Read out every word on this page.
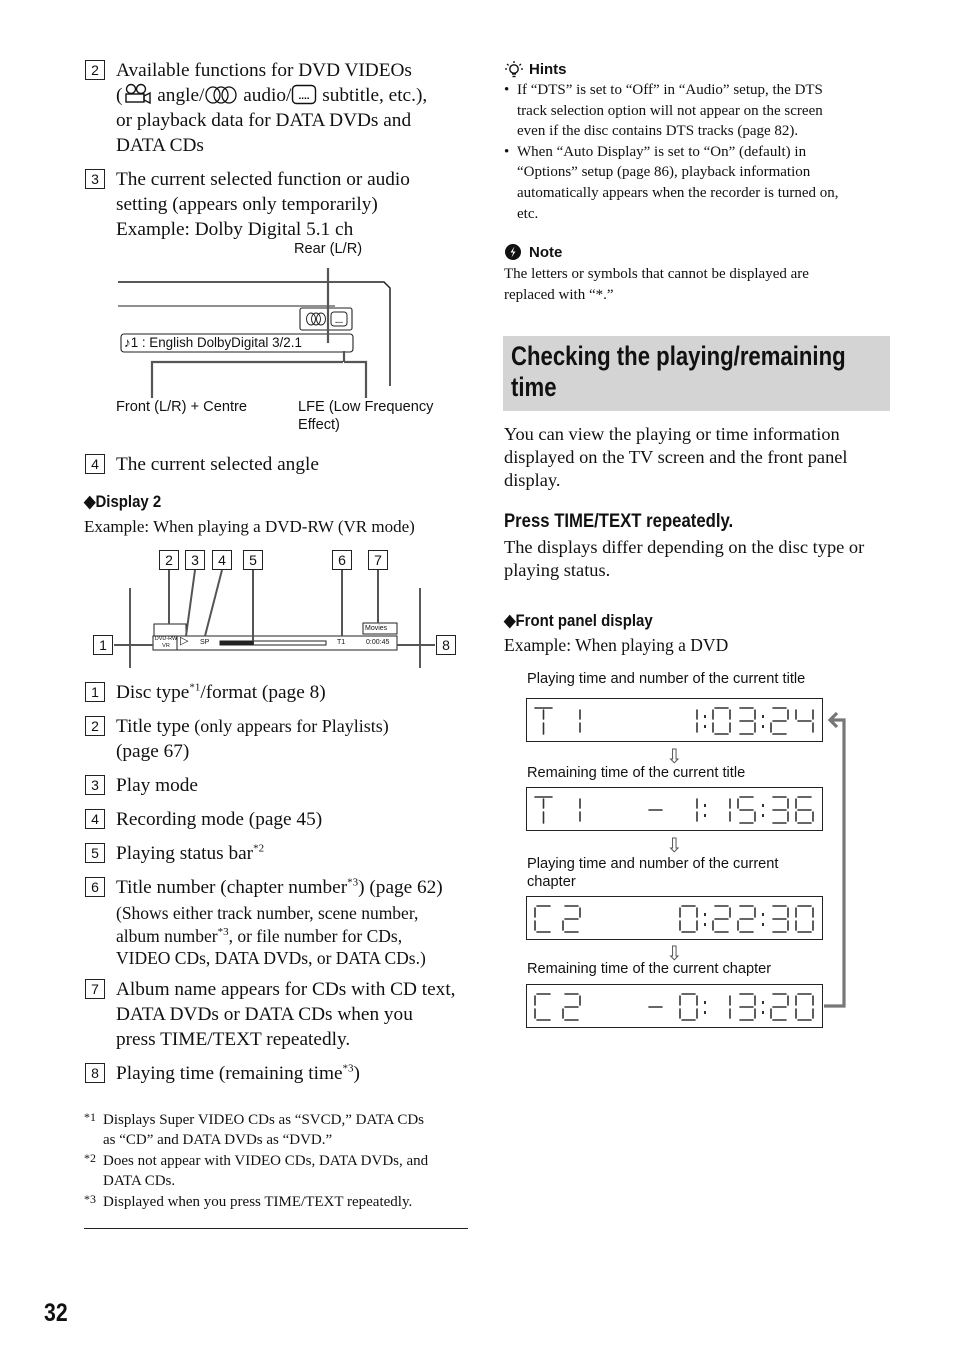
2 Available functions for DVD VIDEOs
( angle/ audio/ .... subtitle, etc.),
or playback data for DATA DVDs and
DATA CDs
3 The current selected function or audio
setting (appears only temporarily)
Example: Dolby Digital 5.1 ch
....
Rear (L/R)
♪1 : English DolbyDigital 3/2.1
Front (L/R) + Centre	LFE (Low Frequency
Effect)
4 The current selected angle
◆Display 2
Example: When playing a DVD-RW (VR mode)
2	3	4	5	6	7
1	8
DVD-RW
VR ▷ SP	T1
Movies
0:00:45
1 Disc type$^{*1}$/format (page 8)
2 Title type (only appears for Playlists)
(page 67)
3 Play mode
4 Recording mode (page 45)
5 Playing status bar$^{*2}$
6 Title number (chapter number$^{*3}$) (page 62)
(Shows either track number, scene number,
album number$^{*3}$, or file number for CDs,
VIDEO CDs, DATA DVDs, or DATA CDs.)
7 Album name appears for CDs with CD text,
DATA DVDs or DATA CDs when you
press TIME/TEXT repeatedly.
8 Playing time (remaining time$^{*3}$)
*1 Displays Super VIDEO CDs as “SVCD,” DATA CDs
as “CD” and DATA DVDs as “DVD.”
*2 Does not appear with VIDEO CDs, DATA DVDs, and
DATA CDs.
*3 Displayed when you press TIME/TEXT repeatedly.
32
Hints
• If “DTS” is set to “Off” in “Audio” setup, the DTS
track selection option will not appear on the screen
even if the disc contains DTS tracks (page 82).
• When “Auto Display” is set to “On” (default) in
“Options” setup (page 86), playback information
automatically appears when the recorder is turned on,
etc.
Note
The letters or symbols that cannot be displayed are
replaced with “*.”
Checking the playing/remaining
time
You can view the playing or time information
displayed on the TV screen and the front panel
display.
Press TIME/TEXT repeatedly.
The displays differ depending on the disc type or
playing status.
◆Front panel display
Example: When playing a DVD
Playing time and number of the current title
⇩
Remaining time of the current title
⇩
Playing time and number of the current
chapter
⇩
Remaining time of the current chapter
